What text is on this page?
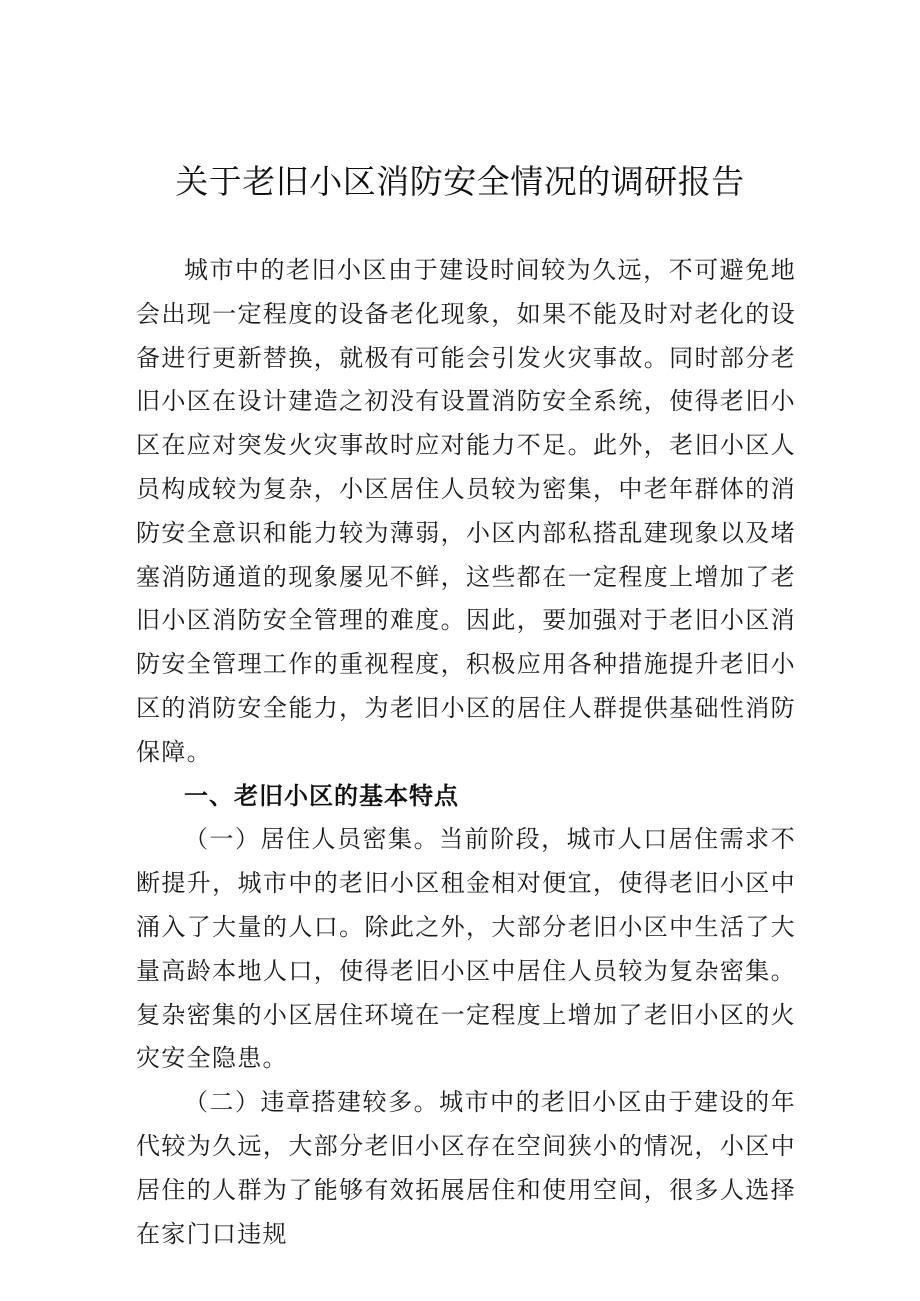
关于老旧小区消防安全情况的调研报告

城市中的老旧小区由于建设时间较为久远，不可避免地会出现一定程度的设备老化现象，如果不能及时对老化的设备进行更新替换，就极有可能会引发火灾事故。同时部分老旧小区在设计建造之初没有设置消防安全系统，使得老旧小区在应对突发火灾事故时应对能力不足。此外，老旧小区人员构成较为复杂，小区居住人员较为密集，中老年群体的消防安全意识和能力较为薄弱，小区内部私搭乱建现象以及堵塞消防通道的现象屡见不鲜，这些都在一定程度上增加了老旧小区消防安全管理的难度。因此，要加强对于老旧小区消防安全管理工作的重视程度，积极应用各种措施提升老旧小区的消防安全能力，为老旧小区的居住人群提供基础性消防保障。

一、老旧小区的基本特点

（一）居住人员密集。当前阶段，城市人口居住需求不断提升，城市中的老旧小区租金相对便宜，使得老旧小区中涌入了大量的人口。除此之外，大部分老旧小区中生活了大量高龄本地人口，使得老旧小区中居住人员较为复杂密集。复杂密集的小区居住环境在一定程度上增加了老旧小区的火灾安全隐患。

（二）违章搭建较多。城市中的老旧小区由于建设的年代较为久远，大部分老旧小区存在空间狭小的情况，小区中居住的人群为了能够有效拓展居住和使用空间，很多人选择在家门口违规
